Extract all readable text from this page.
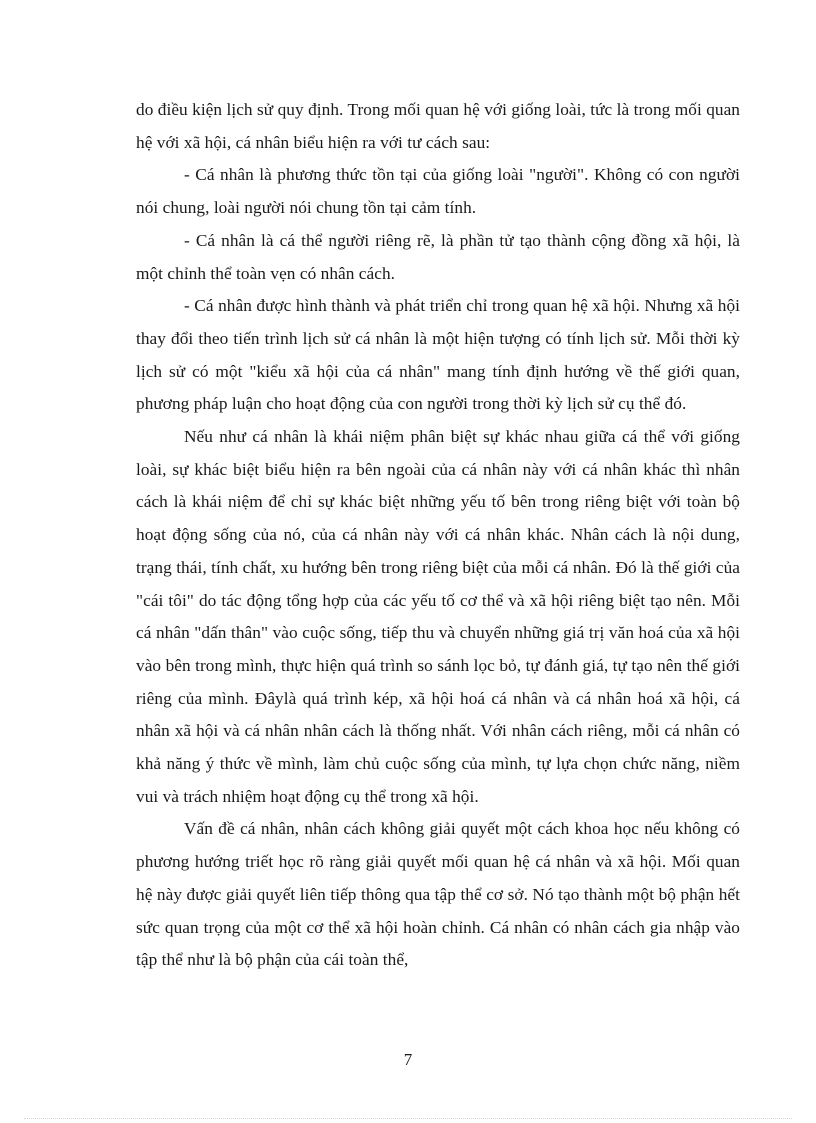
do điều kiện lịch sử quy định. Trong mối quan hệ với giống loài, tức là trong mối quan hệ với xã hội, cá nhân biểu hiện ra với tư cách sau:

- Cá nhân là phương thức tồn tại của giống loài "người". Không có con người nói chung, loài người nói chung tồn tại cảm tính.

- Cá nhân là cá thể người riêng rẽ, là phần tử tạo thành cộng đồng xã hội, là một chỉnh thể toàn vẹn có nhân cách.

- Cá nhân được hình thành và phát triển chỉ trong quan hệ xã hội. Nhưng xã hội thay đổi theo tiến trình lịch sử cá nhân là một hiện tượng có tính lịch sử. Mỗi thời kỳ lịch sử có một "kiểu xã hội của cá nhân" mang tính định hướng về thế giới quan, phương pháp luận cho hoạt động của con người trong thời kỳ lịch sử cụ thể đó.

Nếu như cá nhân là khái niệm phân biệt sự khác nhau giữa cá thể với giống loài, sự khác biệt biểu hiện ra bên ngoài của cá nhân này với cá nhân khác thì nhân cách là khái niệm để chỉ sự khác biệt những yếu tố bên trong riêng biệt với toàn bộ hoạt động sống của nó, của cá nhân này với cá nhân khác. Nhân cách là nội dung, trạng thái, tính chất, xu hướng bên trong riêng biệt của mỗi cá nhân. Đó là thế giới của "cái tôi" do tác động tổng hợp của các yếu tố cơ thể và xã hội riêng biệt tạo nên. Mỗi cá nhân "dấn thân" vào cuộc sống, tiếp thu và chuyển những giá trị văn hoá của xã hội vào bên trong mình, thực hiện quá trình so sánh lọc bỏ, tự đánh giá, tự tạo nên thế giới riêng của mình. Đâylà quá trình kép, xã hội hoá cá nhân và cá nhân hoá xã hội, cá nhân xã hội và cá nhân nhân cách là thống nhất. Với nhân cách riêng, mỗi cá nhân có khả năng ý thức về mình, làm chủ cuộc sống của mình, tự lựa chọn chức năng, niềm vui và trách nhiệm hoạt động cụ thể trong xã hội.

Vấn đề cá nhân, nhân cách không giải quyết một cách khoa học nếu không có phương hướng triết học rõ ràng giải quyết mối quan hệ cá nhân và xã hội. Mối quan hệ này được giải quyết liên tiếp thông qua tập thể cơ sở. Nó tạo thành một bộ phận hết sức quan trọng của một cơ thể xã hội hoàn chỉnh. Cá nhân có nhân cách gia nhập vào tập thể như là bộ phận của cái toàn thể,

7
